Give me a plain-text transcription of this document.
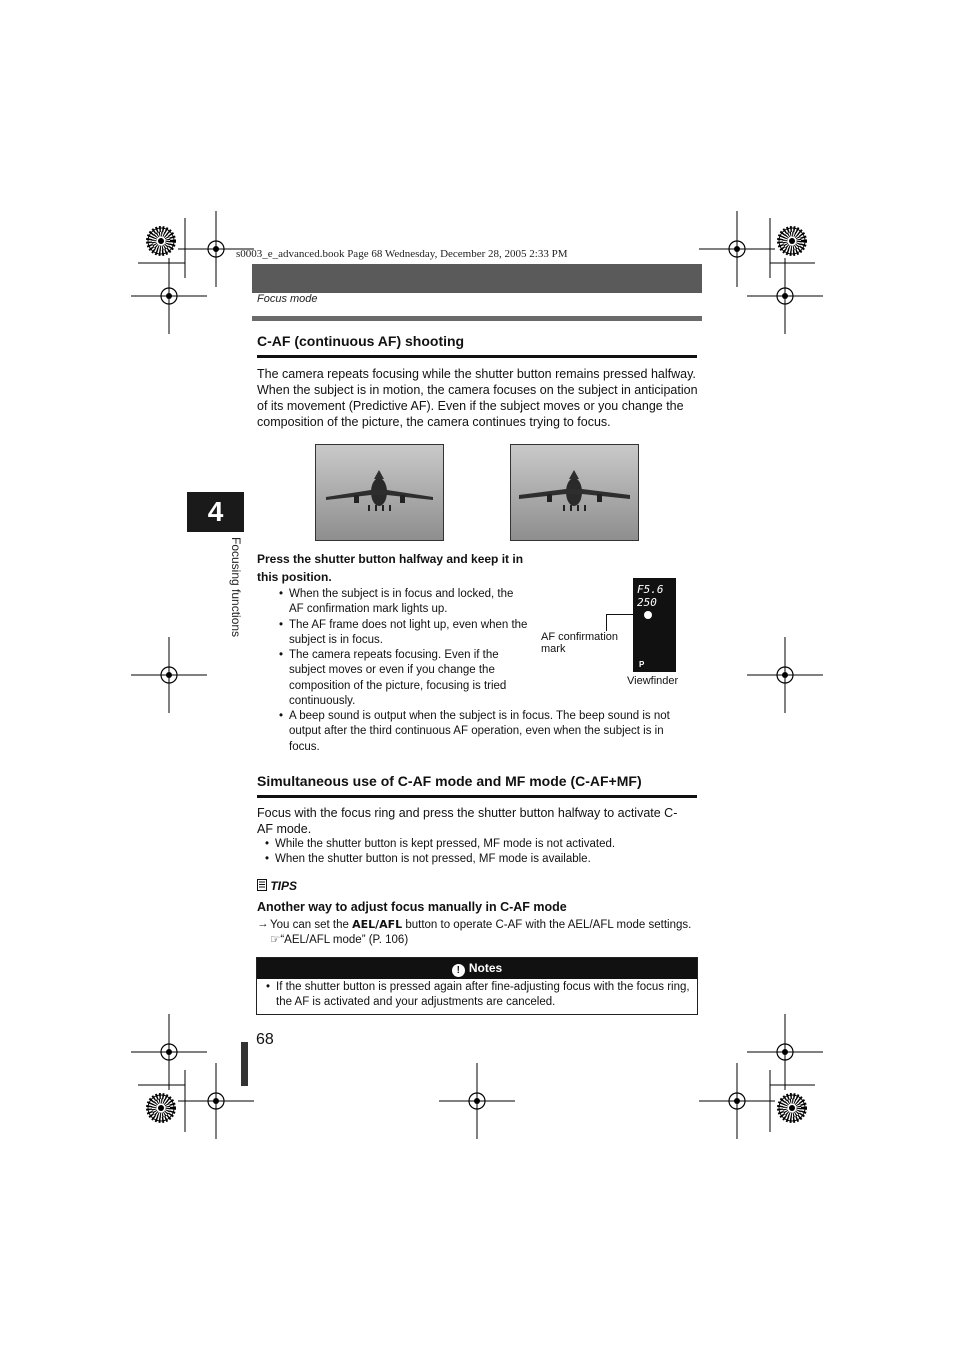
s0003_e_advanced.book Page 68 Wednesday, December 28, 2005 2:33 PM
Focus mode
4
Focusing functions
C-AF (continuous AF) shooting
The camera repeats focusing while the shutter button remains pressed halfway. When the subject is in motion, the camera focuses on the subject in anticipation of its movement (Predictive AF). Even if the subject moves or you change the composition of the picture, the camera continues trying to focus.
Press the shutter button halfway and keep it in this position.
• When the subject is in focus and locked, the AF confirmation mark lights up.
• The AF frame does not light up, even when the subject is in focus.
• The camera repeats focusing. Even if the subject moves or even if you change the composition of the picture, focusing is tried continuously.
• A beep sound is output when the subject is in focus. The beep sound is not output after the third continuous AF operation, even when the subject is in focus.
F5.6
250
P
AF confirmation mark
Viewfinder
Simultaneous use of C-AF mode and MF mode (C-AF+MF)
Focus with the focus ring and press the shutter button halfway to activate C-AF mode.
• While the shutter button is kept pressed, MF mode is not activated.
• When the shutter button is not pressed, MF mode is available.
TIPS
Another way to adjust focus manually in C-AF mode
→ You can set the AEL/AFL button to operate C-AF with the AEL/AFL mode settings. ☞“AEL/AFL mode” (P. 106)
! Notes
• If the shutter button is pressed again after fine-adjusting focus with the focus ring, the AF is activated and your adjustments are canceled.
68
